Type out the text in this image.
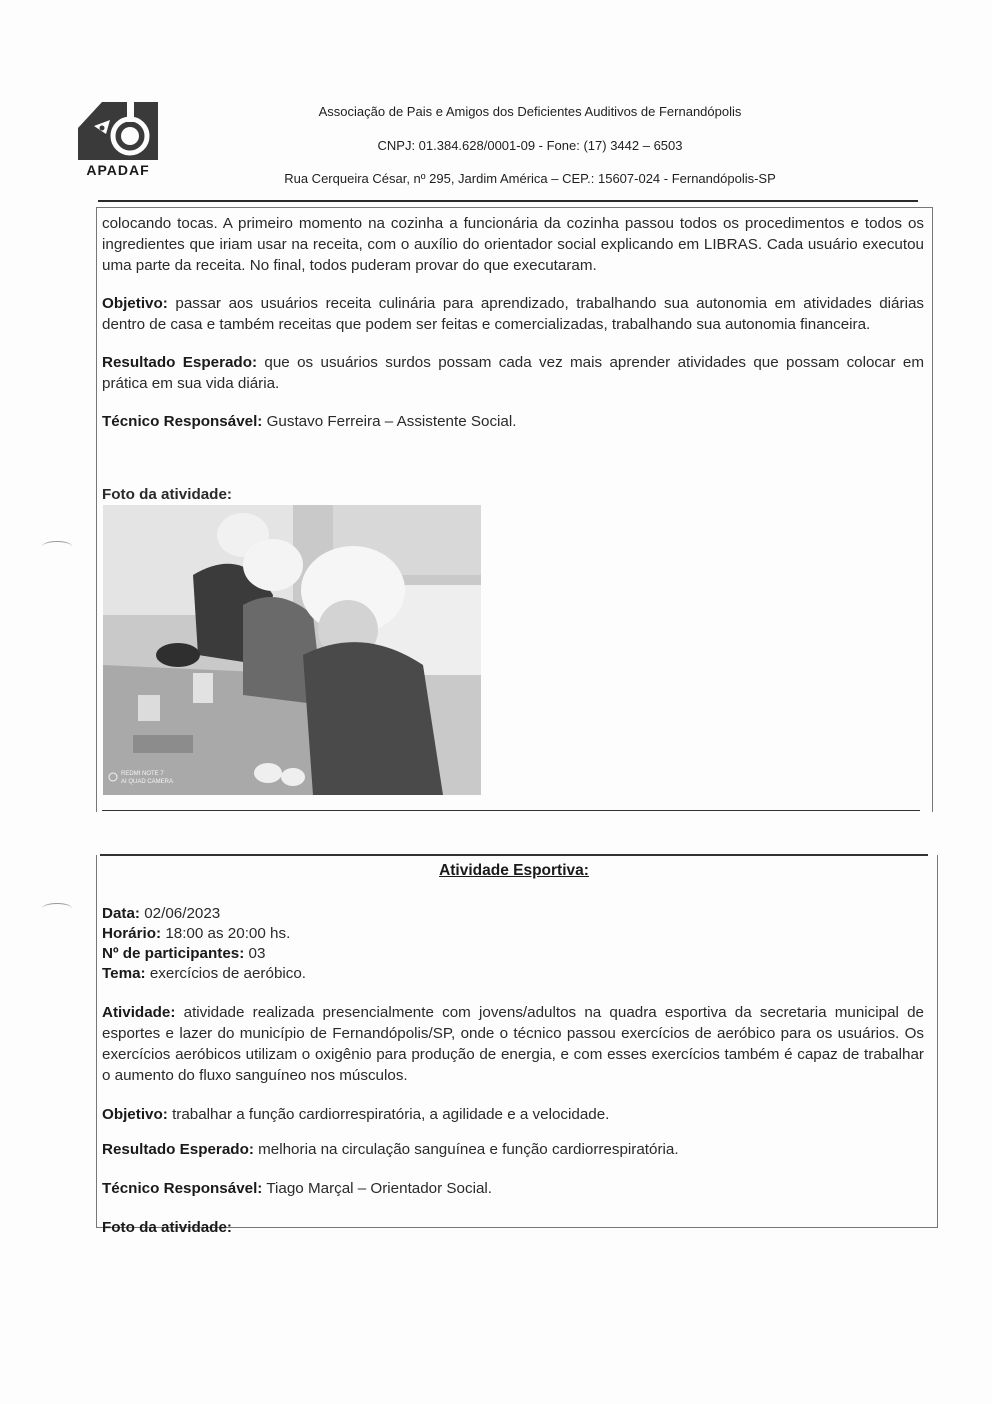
APADAF
Associação de Pais e Amigos dos Deficientes Auditivos de Fernandópolis
CNPJ: 01.384.628/0001-09 - Fone: (17) 3442 – 6503
Rua Cerqueira César, nº 295, Jardim América – CEP.: 15607-024 - Fernandópolis-SP

colocando tocas. A primeiro momento na cozinha a funcionária da cozinha passou todos os procedimentos e todos os ingredientes que iriam usar na receita, com o auxílio do orientador social explicando em LIBRAS. Cada usuário executou uma parte da receita. No final, todos puderam provar do que executaram.

Objetivo: passar aos usuários receita culinária para aprendizado, trabalhando sua autonomia em atividades diárias dentro de casa e também receitas que podem ser feitas e comercializadas, trabalhando sua autonomia financeira.

Resultado Esperado: que os usuários surdos possam cada vez mais aprender atividades que possam colocar em prática em sua vida diária.

Técnico Responsável: Gustavo Ferreira – Assistente Social.

Foto da atividade:
REDMI NOTE 7
AI QUAD CAMERA
Atividade Esportiva:
Data: 02/06/2023
Horário: 18:00 as 20:00 hs.
Nº de participantes: 03
Tema: exercícios de aeróbico.

Atividade: atividade realizada presencialmente com jovens/adultos na quadra esportiva da secretaria municipal de esportes e lazer do município de Fernandópolis/SP, onde o técnico passou exercícios de aeróbico para os usuários. Os exercícios aeróbicos utilizam o oxigênio para produção de energia, e com esses exercícios também é capaz de trabalhar o aumento do fluxo sanguíneo nos músculos.

Objetivo: trabalhar a função cardiorrespiratória, a agilidade e a velocidade.

Resultado Esperado: melhoria na circulação sanguínea e função cardiorrespiratória.

Técnico Responsável: Tiago Marçal – Orientador Social.

Foto da atividade:
